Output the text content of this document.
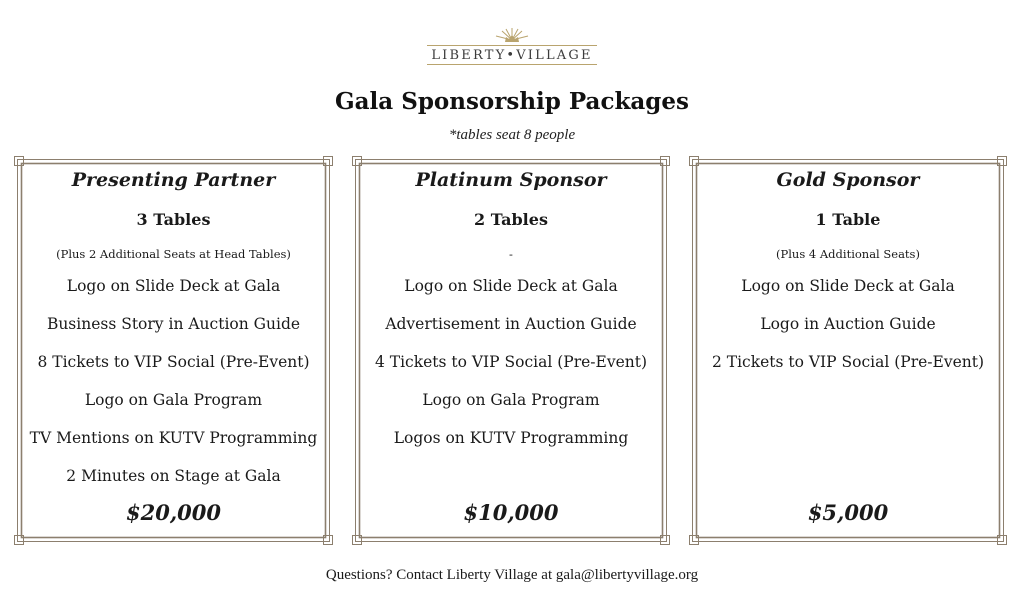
LIBERTY•VILLAGE
Gala Sponsorship Packages
*tables seat 8 people
Presenting Partner
3 Tables
(Plus 2 Additional Seats at Head Tables)
Logo on Slide Deck at Gala
Business Story in Auction Guide
8 Tickets to VIP Social (Pre-Event)
Logo on Gala Program
TV Mentions on KUTV Programming
2 Minutes on Stage at Gala
$20,000
Platinum Sponsor
2 Tables
-
Logo on Slide Deck at Gala
Advertisement in Auction Guide
4 Tickets to VIP Social (Pre-Event)
Logo on Gala Program
Logos on KUTV Programming
$10,000
Gold Sponsor
1 Table
(Plus 4 Additional Seats)
Logo on Slide Deck at Gala
Logo in Auction Guide
2 Tickets to VIP Social (Pre-Event)
$5,000
Questions? Contact Liberty Village at gala@libertyvillage.org
